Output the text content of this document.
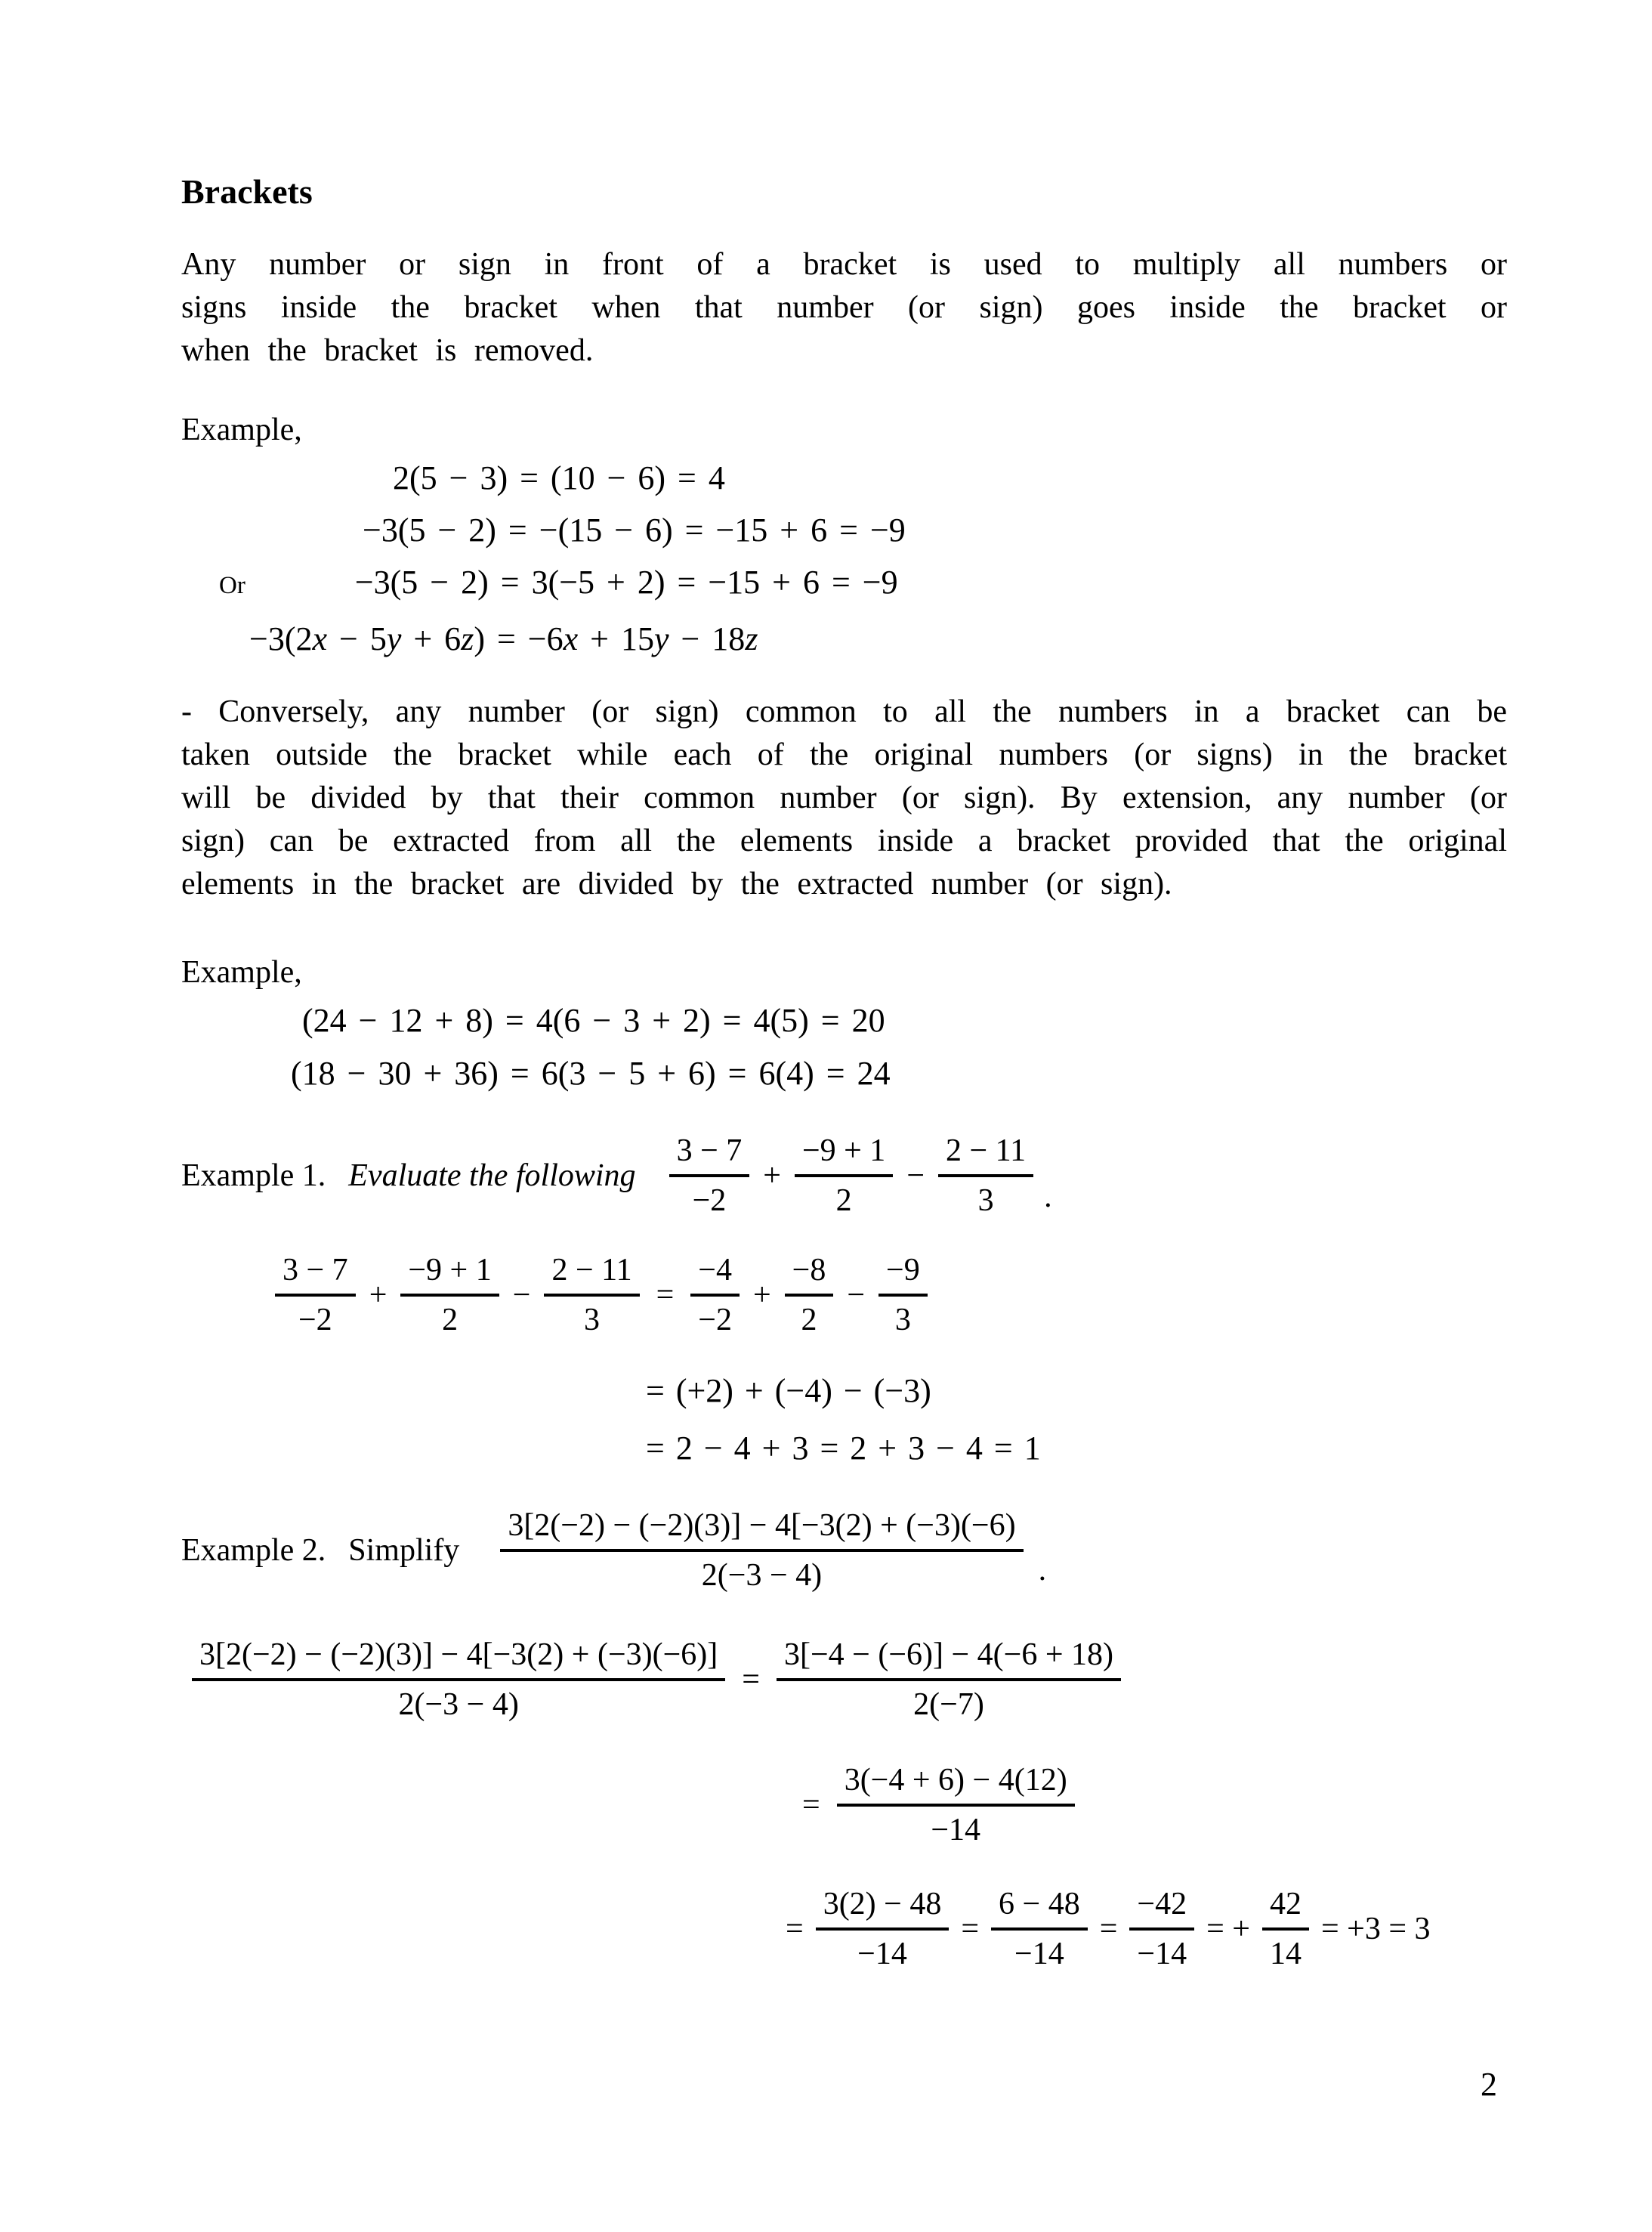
Brackets
Any number or sign in front of a bracket is used to multiply all numbers or
signs inside the bracket when that number (or sign) goes inside the bracket or
when the bracket is removed.
Example,
2(5 − 3) = (10 − 6) = 4
−3(5 − 2) = −(15 − 6) = −15 + 6 = −9
Or	−3(5 − 2) = 3(−5 + 2) = −15 + 6 = −9
−3(2x − 5y + 6z) = −6x + 15y − 18z
- Conversely, any number (or sign) common to all the numbers in a bracket can be
taken outside the bracket while each of the original numbers (or signs) in the bracket
will be divided by that their common number (or sign). By extension, any number (or
sign) can be extracted from all the elements inside a bracket provided that the original
elements in the bracket are divided by the extracted number (or sign).
Example,
(24 − 12 + 8) = 4(6 − 3 + 2) = 4(5) = 20
(18 − 30 + 36) = 6(3 − 5 + 6) = 6(4) = 24
Example 1. Evaluate the following $\frac{3 - 7}{-2} + \frac{-9 + 1}{2} - \frac{2 - 11}{3}$ .
$\frac{3 - 7}{-2} + \frac{-9 + 1}{2} - \frac{2 - 11}{3} = \frac{-4}{-2} + \frac{-8}{2} - \frac{-9}{3}$
= (+2) + (−4) − (−3)
= 2 − 4 + 3 = 2 + 3 − 4 = 1
Example 2. Simplify $\frac{3[2(-2) - (-2)(3)] - 4[-3(2) + (-3)(-6)}{2(-3 - 4)}$ .
$\frac{3[2(-2) - (-2)(3)] - 4[-3(2) + (-3)(-6)]}{2(-3 - 4)} = \frac{3[-4 - (-6)] - 4(-6 + 18)}{2(-7)}$
= $\frac{3(-4 + 6) - 4(12)}{-14}$
= $\frac{3(2) - 48}{-14} = \frac{6 - 48}{-14} = \frac{-42}{-14}$ = + $\frac{42}{14} = +3 = 3$
2
